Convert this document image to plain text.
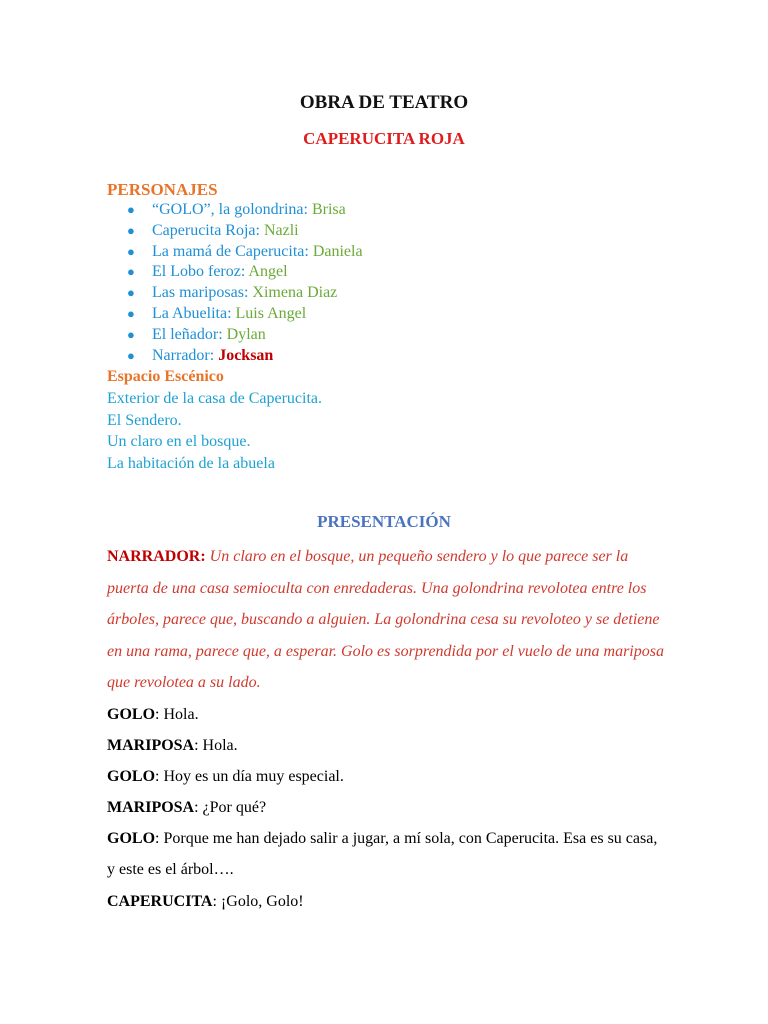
OBRA DE TEATRO
CAPERUCITA ROJA
PERSONAJES
● “GOLO”, la golondrina: Brisa
● Caperucita Roja: Nazli
● La mamá de Caperucita: Daniela
● El Lobo feroz: Angel
● Las mariposas: Ximena Diaz
● La Abuelita: Luis Angel
● El leñador: Dylan
● Narrador: Jocksan
Espacio Escénico
Exterior de la casa de Caperucita.
El Sendero.
Un claro en el bosque.
La habitación de la abuela
PRESENTACIÓN

NARRADOR: Un claro en el bosque, un pequeño sendero y lo que parece ser la puerta de una casa semioculta con enredaderas. Una golondrina revolotea entre los árboles, parece que, buscando a alguien. La golondrina cesa su revoloteo y se detiene en una rama, parece que, a esperar. Golo es sorprendida por el vuelo de una mariposa que revolotea a su lado.

GOLO: Hola.

MARIPOSA: Hola.

GOLO: Hoy es un día muy especial.

MARIPOSA: ¿Por qué?

GOLO: Porque me han dejado salir a jugar, a mí sola, con Caperucita. Esa es su casa, y este es el árbol….

CAPERUCITA: ¡Golo, Golo!
